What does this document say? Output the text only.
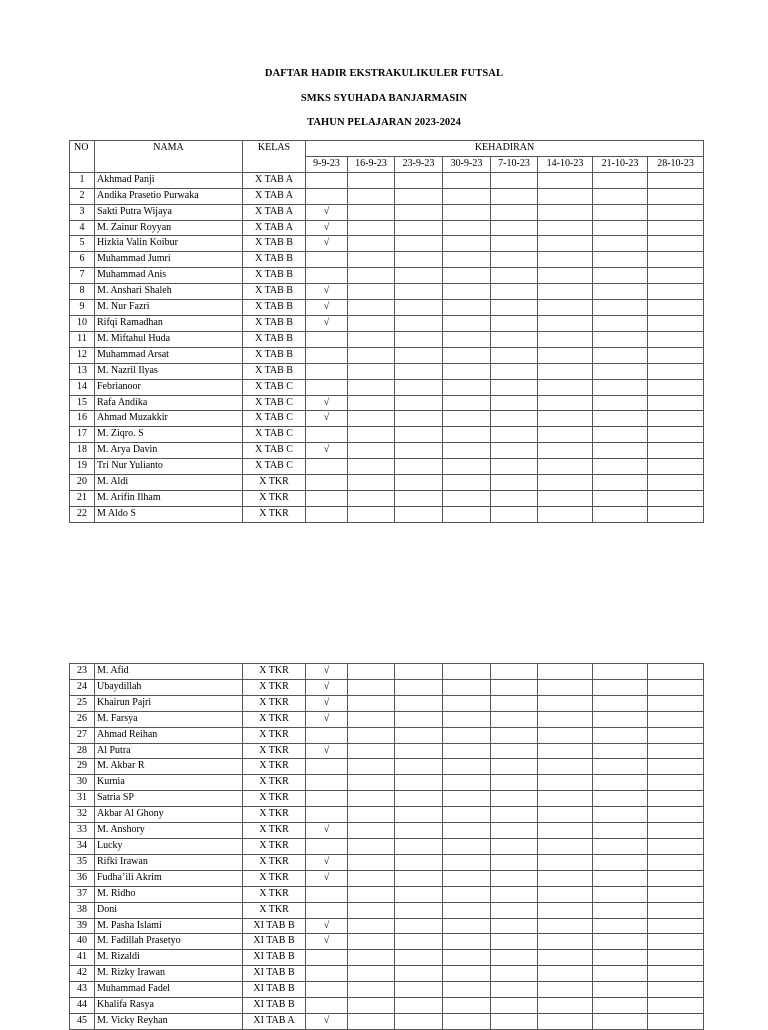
DAFTAR HADIR EKSTRAKULIKULER FUTSAL
SMKS SYUHADA BANJARMASIN
TAHUN PELAJARAN 2023-2024
NO	NAMA	KELAS	KEHADIRAN							
			9-9-23	16-9-23	23-9-23	30-9-23	7-10-23	14-10-23	21-10-23	28-10-23
1	Akhmad Panji	X TAB A								
2	Andika Prasetio Purwaka	X TAB A								
3	Sakti Putra Wijaya	X TAB A	√							
4	M. Zainur Royyan	X TAB A	√							
5	Hizkia Valin Koibur	X TAB B	√							
6	Muhammad Jumri	X TAB B								
7	Muhammad Anis	X TAB B								
8	M. Anshari Shaleh	X TAB B	√							
9	M. Nur Fazri	X TAB B	√							
10	Rifqi Ramadhan	X TAB B	√							
11	M. Miftahul Huda	X TAB B								
12	Muhammad Arsat	X TAB B								
13	M. Nazril Ilyas	X TAB B								
14	Febrianoor	X TAB C								
15	Rafa Andika	X TAB C	√							
16	Ahmad Muzakkir	X TAB C	√							
17	M. Ziqro. S	X TAB C								
18	M. Arya Davin	X TAB C	√							
19	Tri Nur Yulianto	X TAB C								
20	M. Aldi	X TKR								
21	M. Arifin Ilham	X TKR								
22	M Aldo S	X TKR								
23	M. Afid	X TKR	√							
24	Ubaydillah	X TKR	√							
25	Khairun Pajri	X TKR	√							
26	M. Farsya	X TKR	√							
27	Ahmad Reihan	X TKR								
28	Al Putra	X TKR	√							
29	M. Akbar R	X TKR								
30	Kurnia	X TKR								
31	Satria SP	X TKR								
32	Akbar Al Ghony	X TKR								
33	M. Anshory	X TKR	√							
34	Lucky	X TKR								
35	Rifki Irawan	X TKR	√							
36	Fudha’ili Akrim	X TKR	√							
37	M. Ridho	X TKR								
38	Doni	X TKR								
39	M. Pasha Islami	XI TAB B	√							
40	M. Fadillah Prasetyo	XI TAB B	√							
41	M. Rizaldi	XI TAB B								
42	M. Rizky Irawan	XI TAB B								
43	Muhammad Fadel	XI TAB B								
44	Khalifa Rasya	XI TAB B								
45	M. Vicky Reyhan	XI TAB A	√							
